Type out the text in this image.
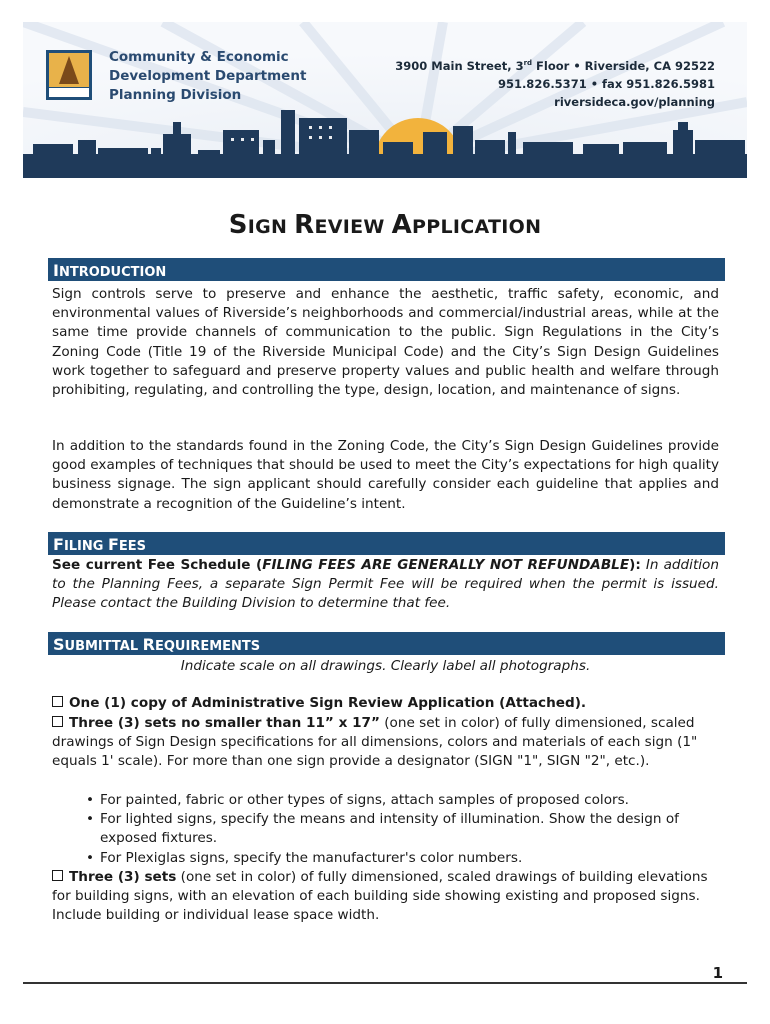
Community & Economic
Development Department
Planning Division
3900 Main Street, 3rd Floor • Riverside, CA 92522
951.826.5371 • fax 951.826.5981
riversideca.gov/planning
SIGN REVIEW APPLICATION
INTRODUCTION
Sign controls serve to preserve and enhance the aesthetic, traffic safety, economic, and environmental values of Riverside’s neighborhoods and commercial/industrial areas, while at the same time provide channels of communication to the public. Sign Regulations in the City’s Zoning Code (Title 19 of the Riverside Municipal Code) and the City’s Sign Design Guidelines work together to safeguard and preserve property values and public health and welfare through prohibiting, regulating, and controlling the type, design, location, and maintenance of signs.
In addition to the standards found in the Zoning Code, the City’s Sign Design Guidelines provide good examples of techniques that should be used to meet the City’s expectations for high quality business signage. The sign applicant should carefully consider each guideline that applies and demonstrate a recognition of the Guideline’s intent.
FILING FEES
See current Fee Schedule (FILING FEES ARE GENERALLY NOT REFUNDABLE): In addition to the Planning Fees, a separate Sign Permit Fee will be required when the permit is issued. Please contact the Building Division to determine that fee.
SUBMITTAL REQUIREMENTS
Indicate scale on all drawings. Clearly label all photographs.
One (1) copy of Administrative Sign Review Application (Attached).
Three (3) sets no smaller than 11” x 17” (one set in color) of fully dimensioned, scaled drawings of Sign Design specifications for all dimensions, colors and materials of each sign (1" equals 1' scale). For more than one sign provide a designator (SIGN "1", SIGN "2", etc.).
• For painted, fabric or other types of signs, attach samples of proposed colors.
• For lighted signs, specify the means and intensity of illumination. Show the design of exposed fixtures.
• For Plexiglas signs, specify the manufacturer's color numbers.
Three (3) sets (one set in color) of fully dimensioned, scaled drawings of building elevations for building signs, with an elevation of each building side showing existing and proposed signs. Include building or individual lease space width.
1
